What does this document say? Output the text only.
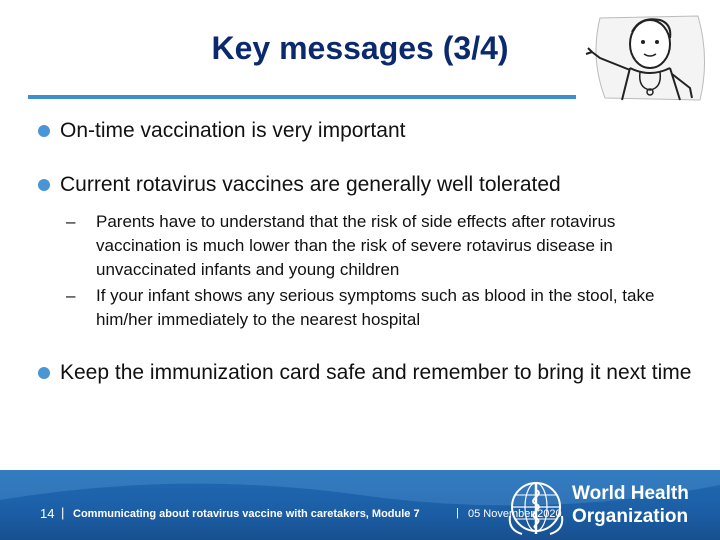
Key messages (3/4)
On-time vaccination is very important
Current rotavirus vaccines are generally well tolerated
– Parents have to understand that the risk of side effects after rotavirus vaccination is much lower than the risk of severe rotavirus disease in unvaccinated infants and young children
– If your infant shows any serious symptoms such as blood in the stool, take him/her immediately to the nearest hospital
Keep the immunization card safe and remember to bring it next time
14 | Communicating about rotavirus vaccine with caretakers, Module 7	| 05 November 2020
World Health
Organization
